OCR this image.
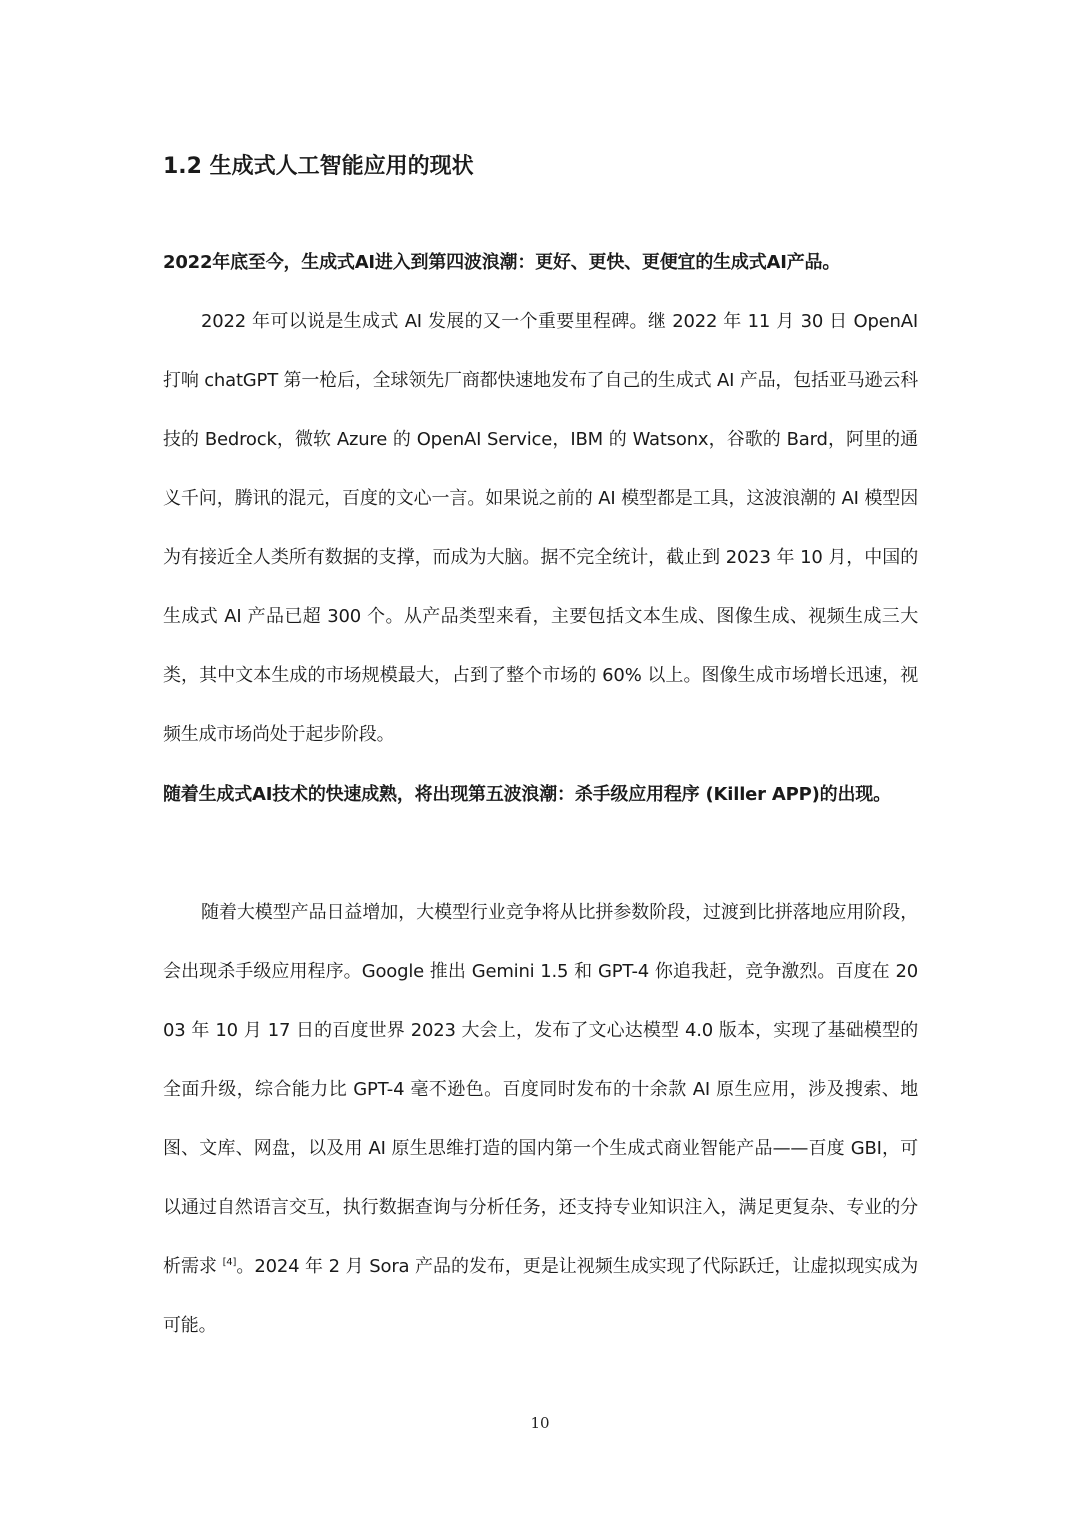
1.2 生成式人工智能应用的现状
2022年底至今，生成式AI进入到第四波浪潮：更好、更快、更便宜的生成式AI产品。
2022 年可以说是生成式 AI 发展的又一个重要里程碑。继 2022 年 11 月 30 日 OpenAI 打响 chatGPT 第一枪后，全球领先厂商都快速地发布了自己的生成式 AI 产品，包括亚马逊云科技的 Bedrock，微软 Azure 的 OpenAI Service，IBM 的 Watsonx，谷歌的 Bard，阿里的通义千问，腾讯的混元，百度的文心一言。如果说之前的 AI 模型都是工具，这波浪潮的 AI 模型因为有接近全人类所有数据的支撑，而成为大脑。据不完全统计，截止到 2023 年 10 月，中国的生成式 AI 产品已超 300 个。从产品类型来看，主要包括文本生成、图像生成、视频生成三大类，其中文本生成的市场规模最大，占到了整个市场的 60% 以上。图像生成市场增长迅速，视频生成市场尚处于起步阶段。
随着生成式AI技术的快速成熟，将出现第五波浪潮：杀手级应用程序 (Killer APP)的出现。
随着大模型产品日益增加，大模型行业竞争将从比拼参数阶段，过渡到比拼落地应用阶段，会出现杀手级应用程序。Google 推出 Gemini 1.5 和 GPT-4 你追我赶，竞争激烈。百度在 2003 年 10 月 17 日的百度世界 2023 大会上，发布了文心达模型 4.0 版本，实现了基础模型的全面升级，综合能力比 GPT-4 毫不逊色。百度同时发布的十余款 AI 原生应用，涉及搜索、地图、文库、网盘，以及用 AI 原生思维打造的国内第一个生成式商业智能产品——百度 GBI，可以通过自然语言交互，执行数据查询与分析任务，还支持专业知识注入，满足更复杂、专业的分析需求 [4]。2024 年 2 月 Sora 产品的发布，更是让视频生成实现了代际跃迁，让虚拟现实成为可能。
10
